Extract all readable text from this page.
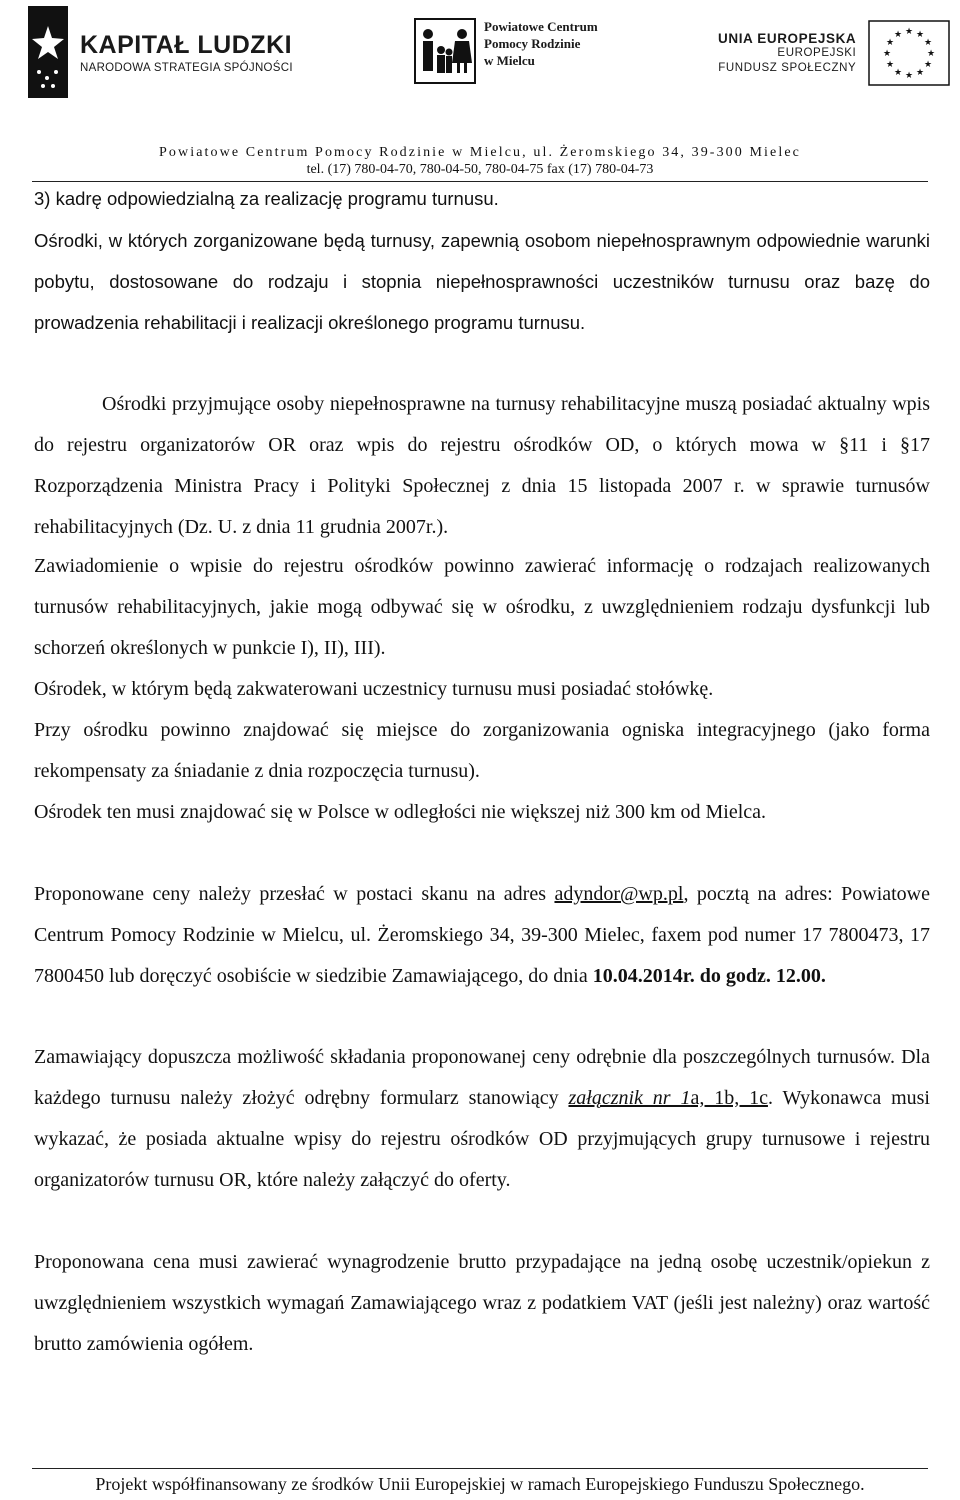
KAPITAŁ LUDZKI
NARODOWA STRATEGIA SPÓJNOŚCI
Powiatowe Centrum
Pomocy Rodzinie
w Mielcu
UNIA EUROPEJSKA
EUROPEJSKI
FUNDUSZ SPOŁECZNY
★ ★
★
★
★
★
★
★
★
★
★
★
Powiatowe Centrum Pomocy Rodzinie w Mielcu, ul. Żeromskiego 34, 39-300 Mielec
tel. (17) 780-04-70, 780-04-50, 780-04-75 fax (17) 780-04-73
3) kadrę odpowiedzialną za realizację programu turnusu.
Ośrodki, w których zorganizowane będą turnusy, zapewnią osobom niepełnosprawnym odpowiednie warunki pobytu, dostosowane do rodzaju i stopnia niepełnosprawności uczestników turnusu oraz bazę do prowadzenia rehabilitacji i realizacji określonego programu turnusu.
Ośrodki przyjmujące osoby niepełnosprawne na turnusy rehabilitacyjne muszą posiadać aktualny wpis do rejestru organizatorów OR oraz wpis do rejestru ośrodków OD, o których mowa w §11 i §17 Rozporządzenia Ministra Pracy i Polityki Społecznej z dnia 15 listopada 2007 r. w sprawie turnusów rehabilitacyjnych (Dz. U. z dnia 11 grudnia 2007r.).
Zawiadomienie o wpisie do rejestru ośrodków powinno zawierać informację o rodzajach realizowanych turnusów rehabilitacyjnych, jakie mogą odbywać się w ośrodku, z uwzględnieniem rodzaju dysfunkcji lub schorzeń określonych w punkcie I), II), III).
Ośrodek, w którym będą zakwaterowani uczestnicy turnusu musi posiadać stołówkę.
Przy ośrodku powinno znajdować się miejsce do zorganizowania ogniska integracyjnego (jako forma rekompensaty za śniadanie z dnia rozpoczęcia turnusu).
Ośrodek ten musi znajdować się w Polsce w odległości nie większej niż 300 km od Mielca.
Proponowane ceny należy przesłać w postaci skanu na adres adyndor@wp.pl, pocztą na adres: Powiatowe Centrum Pomocy Rodzinie w Mielcu, ul. Żeromskiego 34, 39-300 Mielec, faxem pod numer 17 7800473, 17 7800450 lub doręczyć osobiście w siedzibie Zamawiającego, do dnia 10.04.2014r. do godz. 12.00.
Zamawiający dopuszcza możliwość składania proponowanej ceny odrębnie dla poszczególnych turnusów. Dla każdego turnusu należy złożyć odrębny formularz stanowiący załącznik nr 1a, 1b, 1c. Wykonawca musi wykazać, że posiada aktualne wpisy do rejestru ośrodków OD przyjmujących grupy turnusowe i rejestru organizatorów turnusu OR, które należy załączyć do oferty.
Proponowana cena musi zawierać wynagrodzenie brutto przypadające na jedną osobę uczestnik/opiekun z uwzględnieniem wszystkich wymagań Zamawiającego wraz z podatkiem VAT (jeśli jest należny) oraz wartość brutto zamówienia ogółem.
Projekt współfinansowany ze środków Unii Europejskiej w ramach Europejskiego Funduszu Społecznego.
